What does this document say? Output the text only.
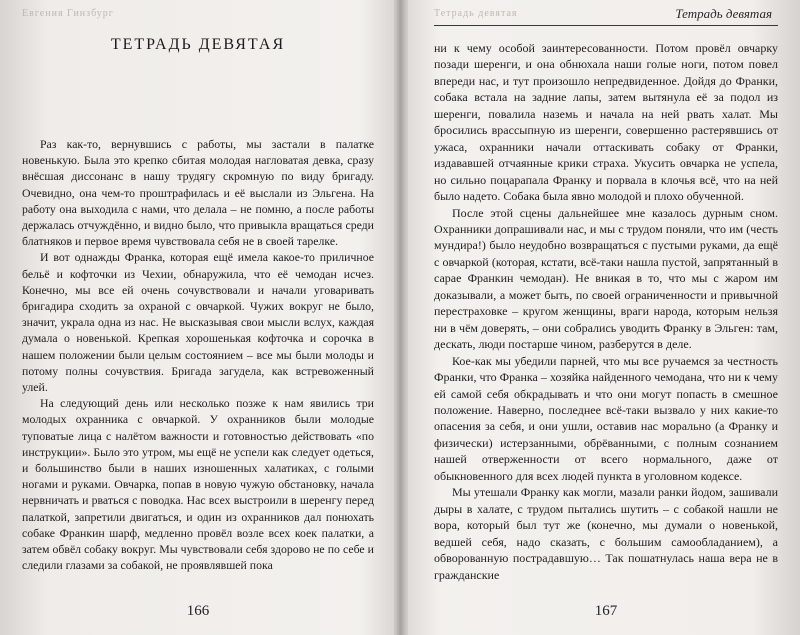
Евгения Гинзбург
ТЕТРАДЬ ДЕВЯТАЯ

Раз как-то, вернувшись с работы, мы застали в палатке новенькую. Была это крепко сбитая молодая нагловатая девка, сразу внёсшая диссонанс в нашу трудягу скромную по виду бригаду. Очевидно, она чем-то проштрафилась и её выслали из Эльгена. На работу она выходила с нами, что делала – не помню, а после работы держалась отчуждённо, и видно было, что привыкла вращаться среди блатняков и первое время чувствовала себя не в своей тарелке.

И вот однажды Франка, которая ещё имела какое-то приличное бельё и кофточки из Чехии, обнаружила, что её чемодан исчез. Конечно, мы все ей очень сочувствовали и начали уговаривать бригадира сходить за охраной с овчаркой. Чужих вокруг не было, значит, украла одна из нас. Не высказывая свои мысли вслух, каждая думала о новенькой. Крепкая хорошенькая кофточка и сорочка в нашем положении были целым состоянием – все мы были молоды и потому полны сочувствия. Бригада загудела, как встревоженный улей.

На следующий день или несколько позже к нам явились три молодых охранника с овчаркой. У охранников были молодые туповатые лица с налётом важности и готовностью действовать «по инструкции». Было это утром, мы ещё не успели как следует одеться, и большинство были в наших изношенных халатиках, с голыми ногами и руками. Овчарка, попав в новую чужую обстановку, начала нервничать и рваться с поводка. Нас всех выстроили в шеренгу перед палаткой, запретили двигаться, и один из охранников дал понюхать собаке Франкин шарф, медленно провёл возле всех коек палатки, а затем обвёл собаку вокруг. Мы чувствовали себя здорово не по себе и следили глазами за собакой, не проявлявшей пока

166
Тетрадь девятая	Тетрадь девятая

ни к чему особой заинтересованности. Потом провёл овчарку позади шеренги, и она обнюхала наши голые ноги, потом повел впереди нас, и тут произошло непредвиденное. Дойдя до Франки, собака встала на задние лапы, затем вытянула её за подол из шеренги, повалила наземь и начала на ней рвать халат. Мы бросились врассыпную из шеренги, совершенно растерявшись от ужаса, охранники начали оттаскивать собаку от Франки, издававшей отчаянные крики страха. Укусить овчарка не успела, но сильно поцарапала Франку и порвала в клочья всё, что на ней было надето. Собака была явно молодой и плохо обученной.

После этой сцены дальнейшее мне казалось дурным сном. Охранники допрашивали нас, и мы с трудом поняли, что им (честь мундира!) было неудобно возвращаться с пустыми руками, да ещё с овчаркой (которая, кстати, всё-таки нашла пустой, запрятанный в сарае Франкин чемодан). Не вникая в то, что мы с жаром им доказывали, а может быть, по своей ограниченности и привычной перестраховке – кругом женщины, враги народа, которым нельзя ни в чём доверять, – они собрались уводить Франку в Эльген: там, дескать, люди постарше чином, разберутся в деле.

Кое-как мы убедили парней, что мы все ручаемся за честность Франки, что Франка – хозяйка найденного чемодана, что ни к чему ей самой себя обкрадывать и что они могут попасть в смешное положение. Наверно, последнее всё-таки вызвало у них какие-то опасения за себя, и они ушли, оставив нас морально (а Франку и физически) истерзанными, обрёванными, с полным сознанием нашей отверженности от всего нормального, даже от обыкновенного для всех людей пункта в уголовном кодексе.

Мы утешали Франку как могли, мазали ранки йодом, зашивали дыры в халате, с трудом пытались шутить – с собакой нашли не вора, который был тут же (конечно, мы думали о новенькой, ведшей себя, надо сказать, с большим самообладанием), а обворованную пострадавшую… Так пошатнулась наша вера не в гражданские

167
